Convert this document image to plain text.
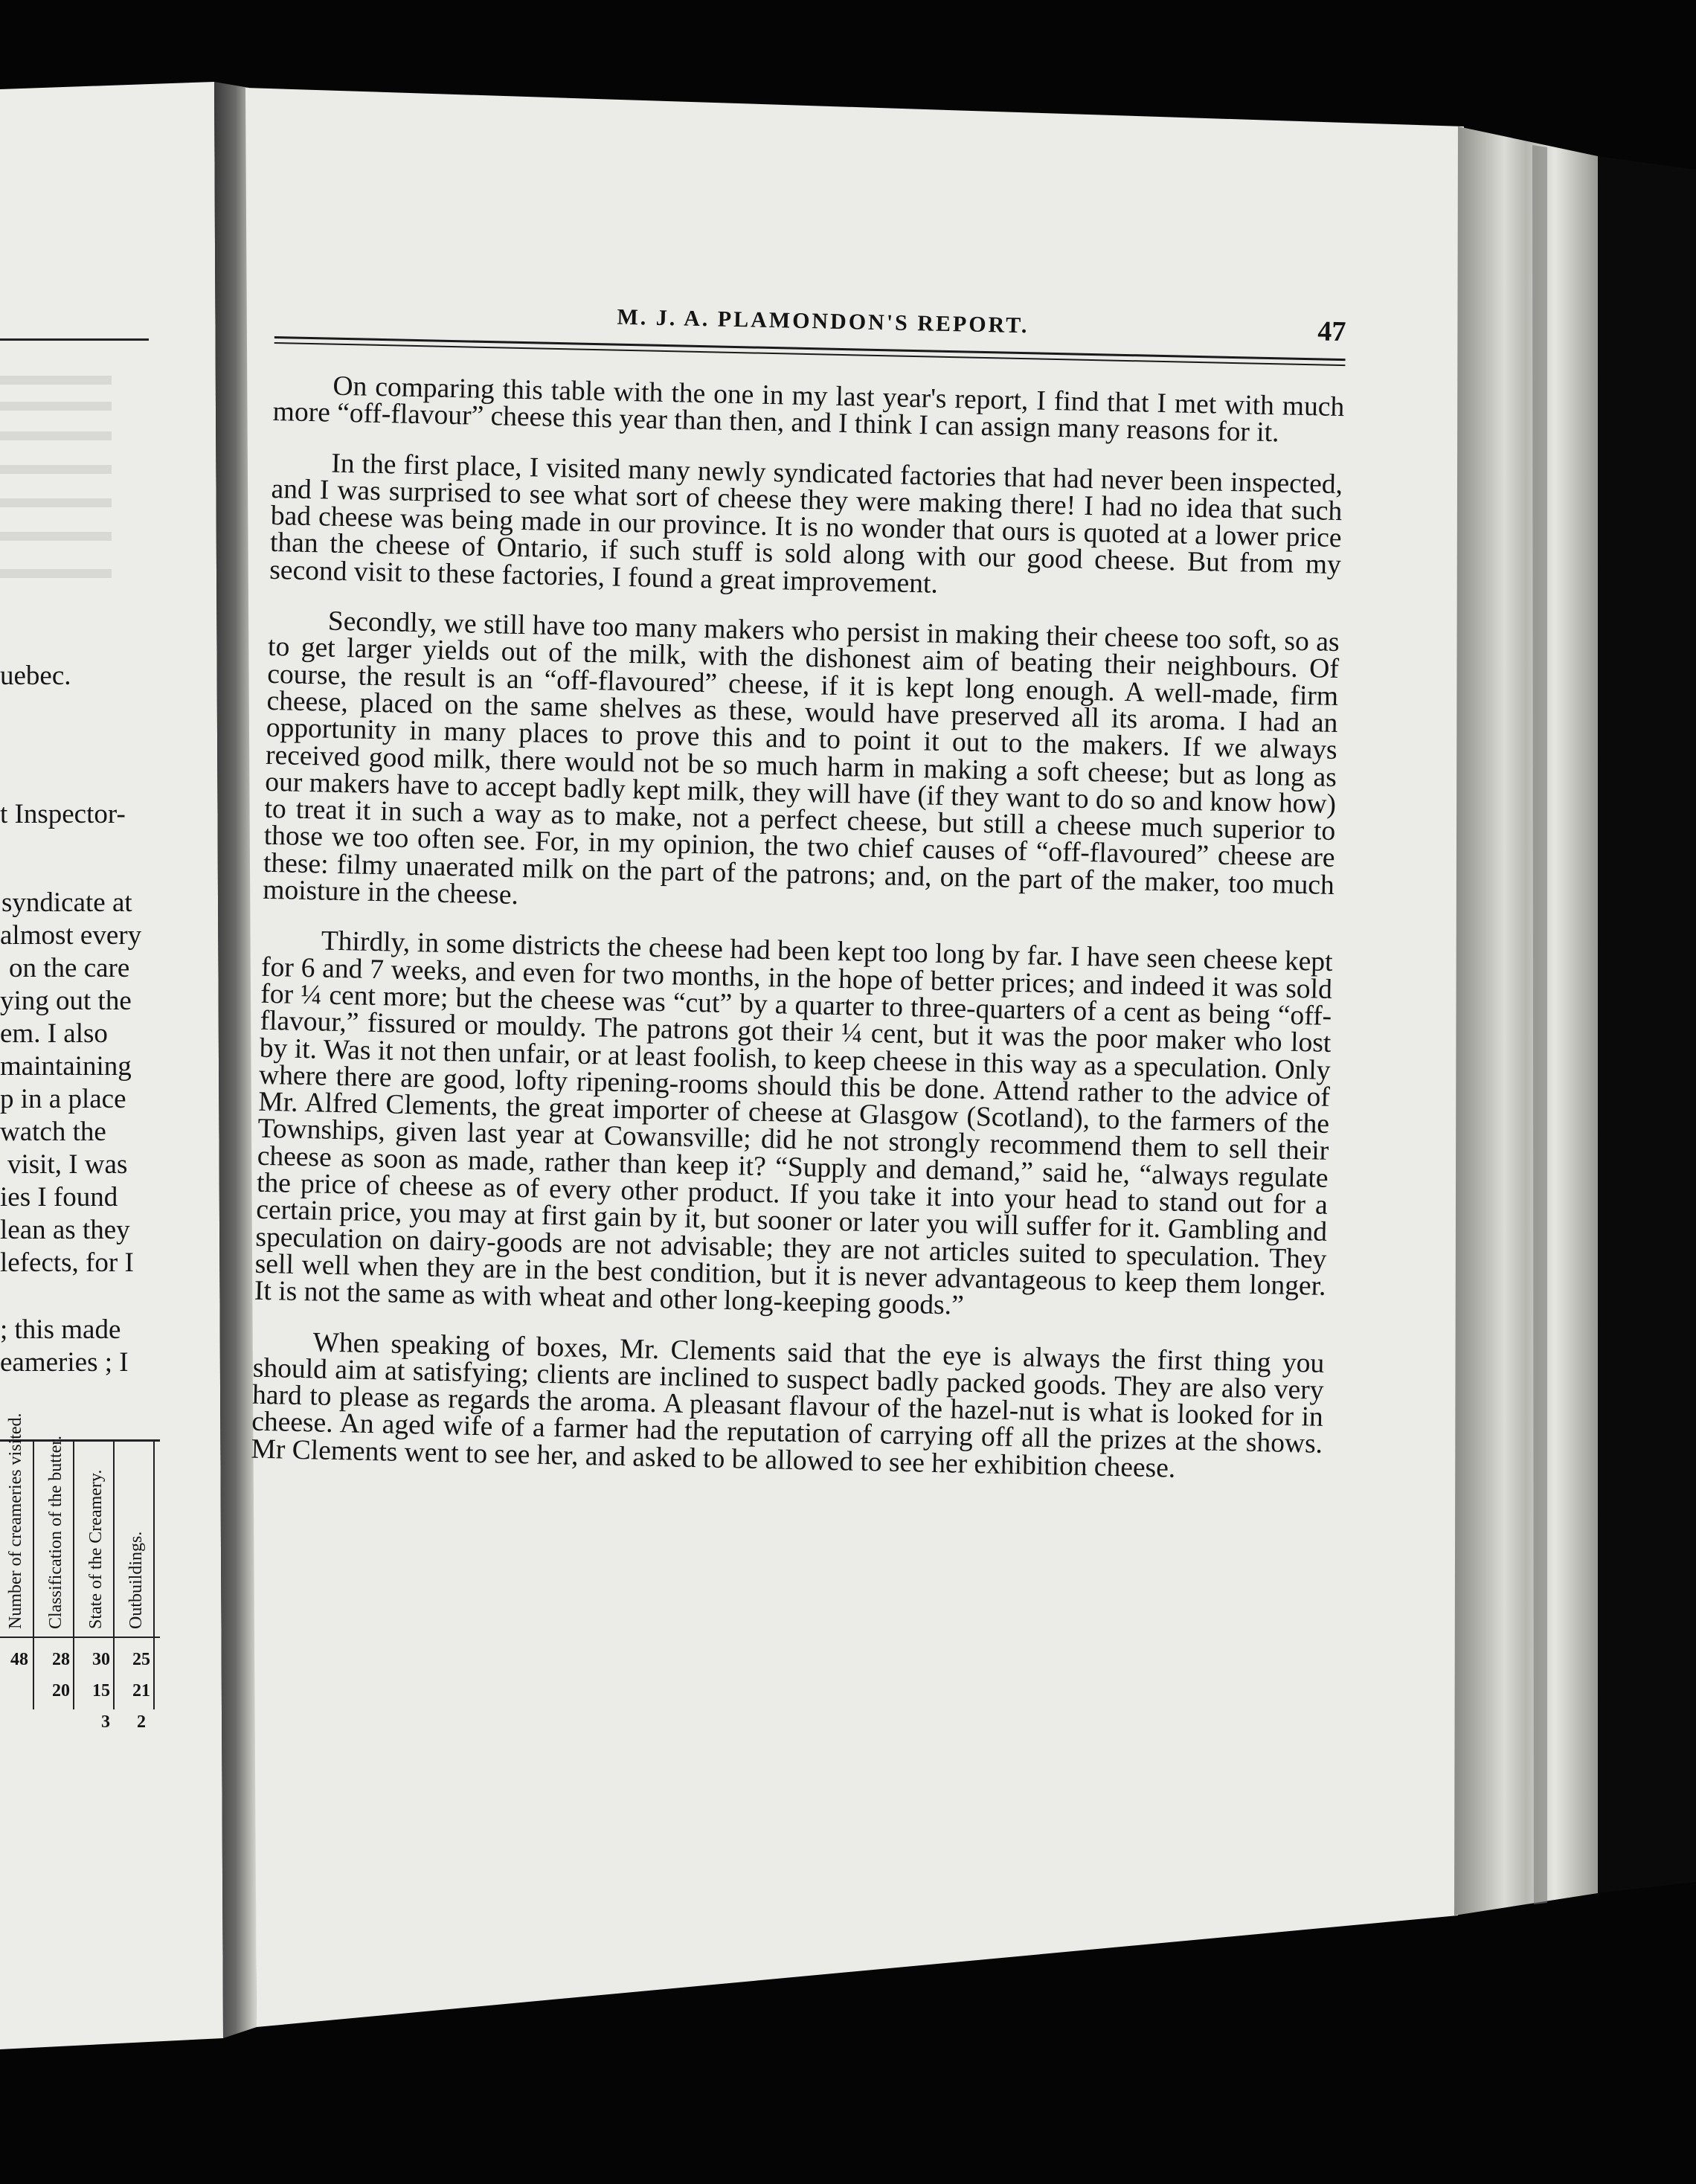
uebec.
t Inspector-
syndicate at
almost every
on the care
ying out the
em. I also
maintaining
p in a place
watch the
visit, I was
ies I found
lean as they
lefects, for I
; this made
eameries ; I
Number of creameries visited. Classification of the butter. State of the Creamery. Outbuildings.
48 28 30 25
20 15 21
3 2
M. J. A. PLAMONDON'S REPORT.	47

On comparing this table with the one in my last year's report, I find that I met with much more “off-flavour” cheese this year than then, and I think I can assign many reasons for it.

In the first place, I visited many newly syndicated factories that had never been inspected, and I was surprised to see what sort of cheese they were making there! I had no idea that such bad cheese was being made in our province. It is no wonder that ours is quoted at a lower price than the cheese of Ontario, if such stuff is sold along with our good cheese. But from my second visit to these factories, I found a great improvement.

Secondly, we still have too many makers who persist in making their cheese too soft, so as to get larger yields out of the milk, with the dishonest aim of beating their neighbours. Of course, the result is an “off-flavoured” cheese, if it is kept long enough. A well-made, firm cheese, placed on the same shelves as these, would have preserved all its aroma. I had an opportunity in many places to prove this and to point it out to the makers. If we always received good milk, there would not be so much harm in making a soft cheese; but as long as our makers have to accept badly kept milk, they will have (if they want to do so and know how) to treat it in such a way as to make, not a perfect cheese, but still a cheese much superior to those we too often see. For, in my opinion, the two chief causes of “off-flavoured” cheese are these: filmy unaerated milk on the part of the patrons; and, on the part of the maker, too much moisture in the cheese.

Thirdly, in some districts the cheese had been kept too long by far. I have seen cheese kept for 6 and 7 weeks, and even for two months, in the hope of better prices; and indeed it was sold for ¼ cent more; but the cheese was “cut” by a quarter to three-quarters of a cent as being “off-flavour,” fissured or mouldy. The patrons got their ¼ cent, but it was the poor maker who lost by it. Was it not then unfair, or at least foolish, to keep cheese in this way as a speculation. Only where there are good, lofty ripening-rooms should this be done. Attend rather to the advice of Mr. Alfred Clements, the great importer of cheese at Glasgow (Scotland), to the farmers of the Townships, given last year at Cowansville; did he not strongly recommend them to sell their cheese as soon as made, rather than keep it? “Supply and demand,” said he, “always regulate the price of cheese as of every other product. If you take it into your head to stand out for a certain price, you may at first gain by it, but sooner or later you will suffer for it. Gambling and speculation on dairy-goods are not advisable; they are not articles suited to speculation. They sell well when they are in the best condition, but it is never advantageous to keep them longer. It is not the same as with wheat and other long-keeping goods.”

When speaking of boxes, Mr. Clements said that the eye is always the first thing you should aim at satisfying; clients are inclined to suspect badly packed goods. They are also very hard to please as regards the aroma. A pleasant flavour of the hazel-nut is what is looked for in cheese. An aged wife of a farmer had the reputation of carrying off all the prizes at the shows. Mr Clements went to see her, and asked to be allowed to see her exhibition cheese.
